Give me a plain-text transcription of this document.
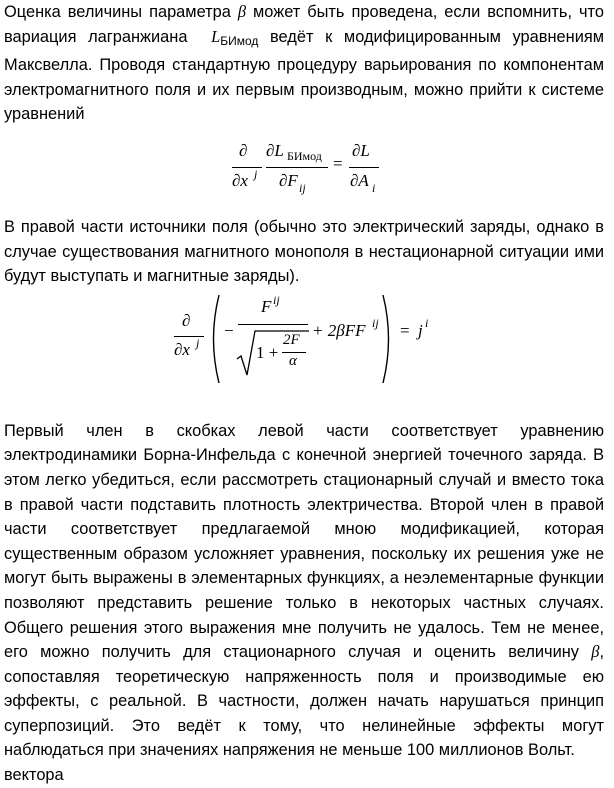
Оценка величины параметра β может быть проведена, если вспомнить, что вариация лагранжиана $L_{БИмод}$ ведёт к модифицированным уравнениям Максвелла. Проводя стандартную процедуру варьирования по компонентам электромагнитного поля и их первым производным, можно прийти к системе уравнений

∂
∂x j
∂L БИмод
∂F ij
=
∂L
∂A i

В правой части источники поля (обычно это электрический заряды, однако в случае существования магнитного монополя в нестационарной ситуации ими будут выступать и магнитные заряды).

∂
∂x j
−
F ij
1 +
2F
α
+ 2βFF ij = j i

Первый член в скобках левой части соответствует уравнению электродинамики Борна-Инфельда с конечной энергией точечного заряда. В этом легко убедиться, если рассмотреть стационарный случай и вместо тока в правой части подставить плотность электричества. Второй член в правой части соответствует предлагаемой мною модификацией, которая существенным образом усложняет уравнения, поскольку их решения уже не могут быть выражены в элементарных функциях, а неэлементарные функции позволяют представить решение только в некоторых частных случаях. Общего решения этого выражения мне получить не удалось. Тем не менее, его можно получить для стационарного случая и оценить величину β, сопоставляя теоретическую напряженность поля и производимые ею эффекты, с реальной. В частности, должен начать нарушаться принцип суперпозиций. Это ведёт к тому, что нелинейные эффекты могут наблюдаться при значениях напряжения не меньше 100 миллионов Вольт.

вектора
